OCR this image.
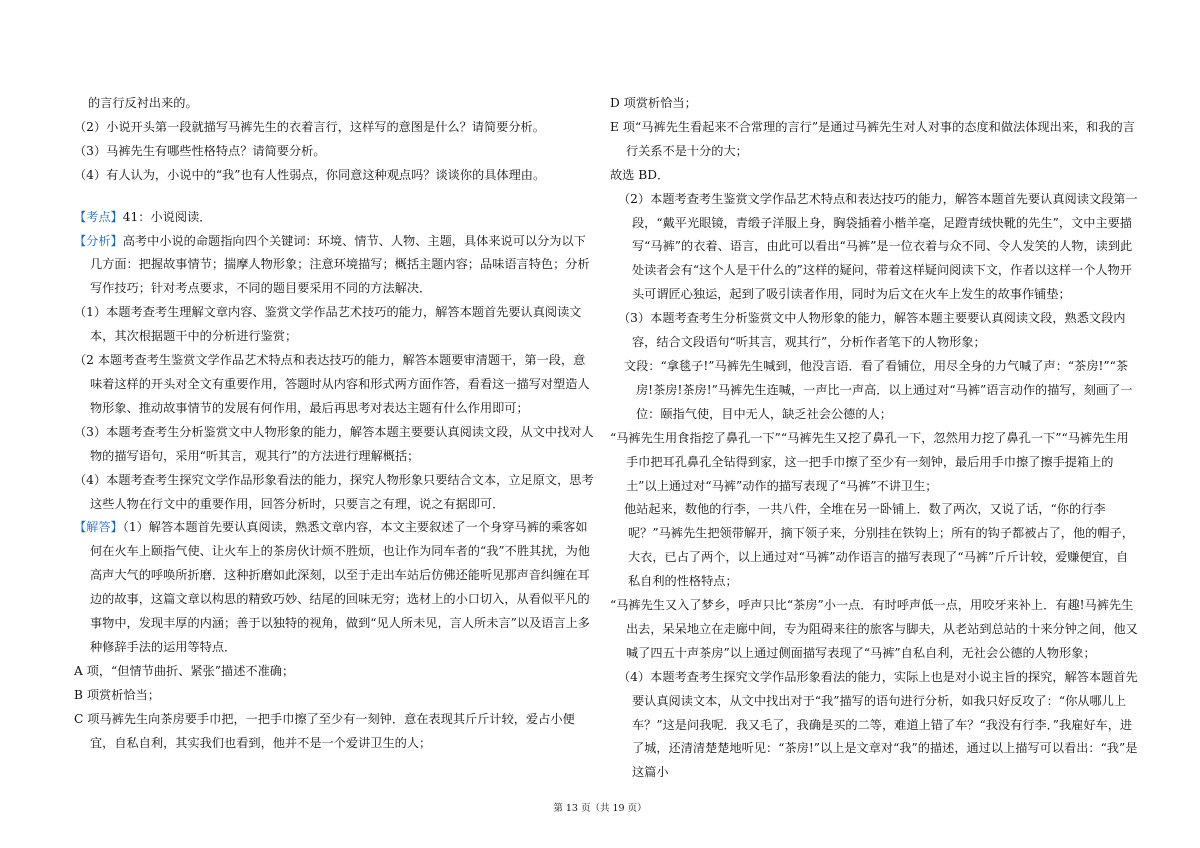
的言行反衬出来的。

（2）小说开头第一段就描写马裤先生的衣着言行，这样写的意图是什么？请简要分析。

（3）马裤先生有哪些性格特点？请简要分析。

（4）有人认为，小说中的“我”也有人性弱点，你同意这种观点吗？谈谈你的具体理由。

【考点】41：小说阅读．

【分析】高考中小说的命题指向四个关键词：环境、情节、人物、主题，具体来说可以分为以下几方面：把握故事情节；揣摩人物形象；注意环境描写；概括主题内容；品味语言特色；分析写作技巧；针对考点要求，不同的题目要采用不同的方法解决．

（1）本题考查考生理解文章内容、鉴赏文学作品艺术技巧的能力，解答本题首先要认真阅读文本，其次根据题干中的分析进行鉴赏；

（2 本题考查考生鉴赏文学作品艺术特点和表达技巧的能力，解答本题要审清题干，第一段，意味着这样的开头对全文有重要作用，答题时从内容和形式两方面作答，看看这一描写对塑造人物形象、推动故事情节的发展有何作用，最后再思考对表达主题有什么作用即可；

（3）本题考查考生分析鉴赏文中人物形象的能力，解答本题主要要认真阅读文段，从文中找对人物的描写语句，采用“听其言，观其行”的方法进行理解概括；

（4）本题考查考生探究文学作品形象看法的能力，探究人物形象只要结合文本，立足原文，思考这些人物在行文中的重要作用，回答分析时，只要言之有理，说之有据即可．

【解答】（1）解答本题首先要认真阅读，熟悉文章内容，本文主要叙述了一个身穿马裤的乘客如何在火车上颐指气使、让火车上的茶房伙计烦不胜烦，也让作为同车者的“我”不胜其扰，为他高声大气的呼唤所折磨．这种折磨如此深刻，以至于走出车站后仿佛还能听见那声音纠缠在耳边的故事，这篇文章以构思的精致巧妙、结尾的回味无穷；选材上的小口切入，从看似平凡的事物中，发现丰厚的内涵；善于以独特的视角，做到“见人所未见，言人所未言”以及语言上多种修辞手法的运用等特点．

A 项，“但情节曲折、紧张”描述不准确；

B 项赏析恰当；

C 项马裤先生向茶房要手巾把，一把手巾擦了至少有一刻钟．意在表现其斤斤计较，爱占小便宜，自私自利，其实我们也看到，他并不是一个爱讲卫生的人；

D 项赏析恰当；

E 项“马裤先生看起来不合常理的言行”是通过马裤先生对人对事的态度和做法体现出来，和我的言行关系不是十分的大；

故选 BD．

（2）本题考查考生鉴赏文学作品艺术特点和表达技巧的能力，解答本题首先要认真阅读文段第一段，“戴平光眼镜，青缎子洋服上身，胸袋插着小楷羊毫，足蹬青绒快靴的先生”，文中主要描写“马裤”的衣着、语言，由此可以看出“马裤”是一位衣着与众不同、令人发笑的人物，读到此处读者会有“这个人是干什么的”这样的疑问，带着这样疑问阅读下文，作者以这样一个人物开头可谓匠心独运，起到了吸引读者作用，同时为后文在火车上发生的故事作铺垫；

（3）本题考查考生分析鉴赏文中人物形象的能力，解答本题主要要认真阅读文段，熟悉文段内容，结合文段语句“听其言，观其行”，分析作者笔下的人物形象；

文段：“拿毯子!”马裤先生喊到，他没言语．看了看铺位，用尽全身的力气喊了声：“茶房!”“茶房!茶房!茶房!”马裤先生连喊，一声比一声高．以上通过对“马裤”语言动作的描写，刻画了一位：颐指气使，目中无人，缺乏社会公德的人；

“马裤先生用食指挖了鼻孔一下”“马裤先生又挖了鼻孔一下，忽然用力挖了鼻孔一下”“马裤先生用手巾把耳孔鼻孔全钻得到家，这一把手巾擦了至少有一刻钟，最后用手巾擦了擦手提箱上的土”以上通过对“马裤”动作的描写表现了“马裤”不讲卫生；

他站起来，数他的行李，一共八件，全堆在另一卧铺上．数了两次，又说了话，“你的行李呢？”马裤先生把领带解开，摘下领子来，分别挂在铁钩上；所有的钩子都被占了，他的帽子，大衣，已占了两个，以上通过对“马裤”动作语言的描写表现了“马裤”斤斤计较，爱赚便宜，自私自利的性格特点；

“马裤先生又入了梦乡，呼声只比“茶房”小一点．有时呼声低一点，用咬牙来补上．有趣!马裤先生出去，呆呆地立在走廊中间，专为阻碍来往的旅客与脚夫，从老站到总站的十来分钟之间，他又喊了四五十声茶房”以上通过侧面描写表现了“马裤”自私自利，无社会公德的人物形象；

（4）本题考查考生探究文学作品形象看法的能力，实际上也是对小说主旨的探究，解答本题首先要认真阅读文本，从文中找出对于“我”描写的语句进行分析，如我只好反攻了：“你从哪儿上车？”这是问我呢．我又毛了，我确是买的二等，难道上错了车？“我没有行李．”我雇好车，进了城，还清清楚楚地听见：“茶房!”以上是文章对“我”的描述，通过以上描写可以看出：“我”是这篇小

第 13 页（共 19 页）
